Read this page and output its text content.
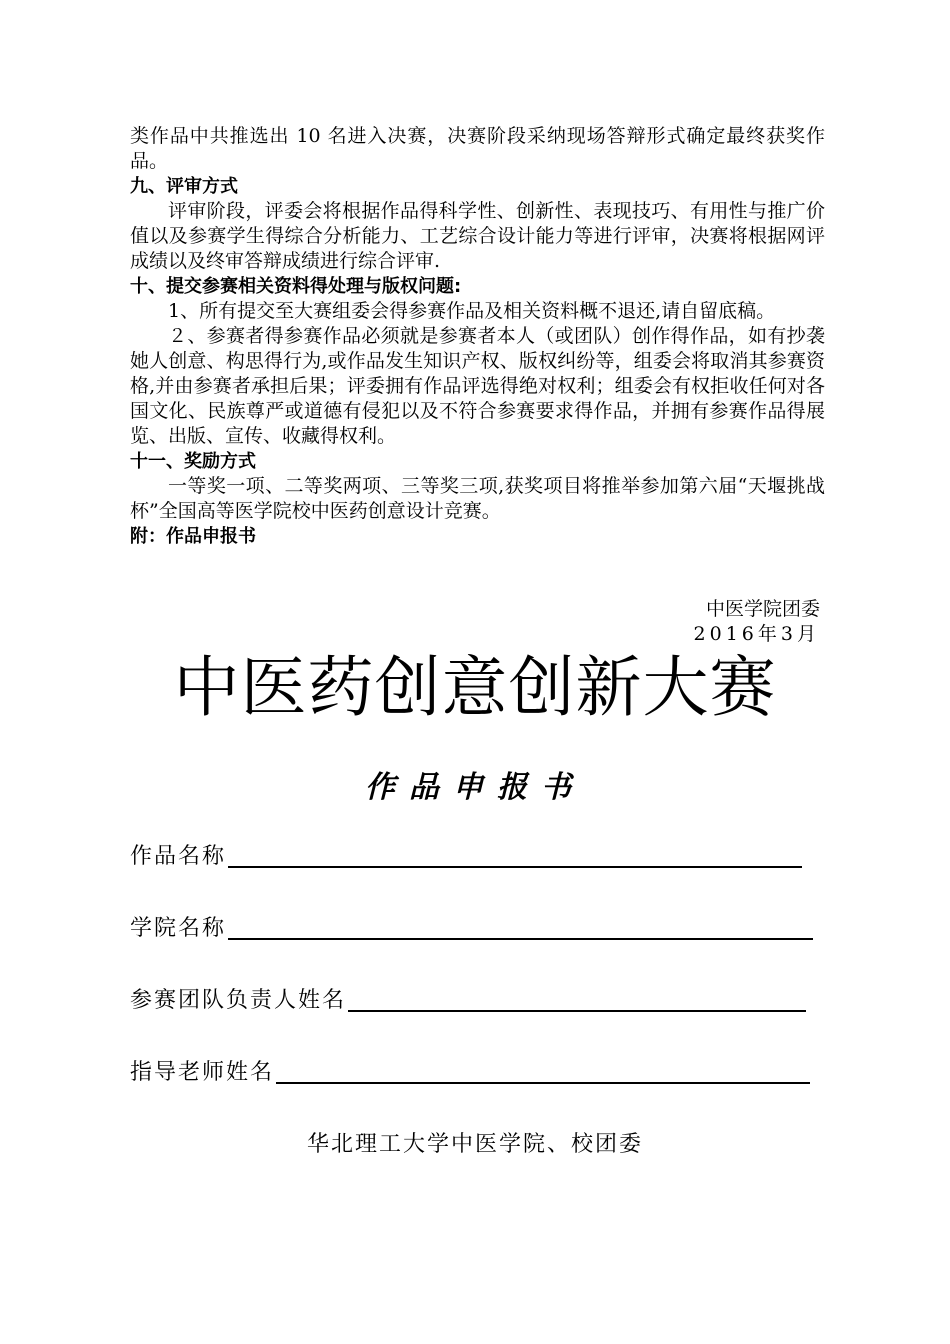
类作品中共推选出 10 名进入决赛，决赛阶段采纳现场答辩形式确定最终获奖作品。

九、评审方式

评审阶段，评委会将根据作品得科学性、创新性、表现技巧、有用性与推广价值以及参赛学生得综合分析能力、工艺综合设计能力等进行评审，决赛将根据网评成绩以及终审答辩成绩进行综合评审.

十、提交参赛相关资料得处理与版权问题:

1、所有提交至大赛组委会得参赛作品及相关资料概不退还,请自留底稿。

２、参赛者得参赛作品必须就是参赛者本人（或团队）创作得作品，如有抄袭她人创意、构思得行为,或作品发生知识产权、版权纠纷等，组委会将取消其参赛资格,并由参赛者承担后果；评委拥有作品评选得绝对权利；组委会有权拒收任何对各国文化、民族尊严或道德有侵犯以及不符合参赛要求得作品，并拥有参赛作品得展览、出版、宣传、收藏得权利。

十一、奖励方式

一等奖一项、二等奖两项、三等奖三项,获奖项目将推举参加第六届“天堰挑战杯”全国高等医学院校中医药创意设计竞赛。

附：作品申报书

中医学院团委
2016年3月
中医药创意创新大赛
作品申报书
作品名称
学院名称
参赛团队负责人姓名
指导老师姓名
华北理工大学中医学院、校团委
